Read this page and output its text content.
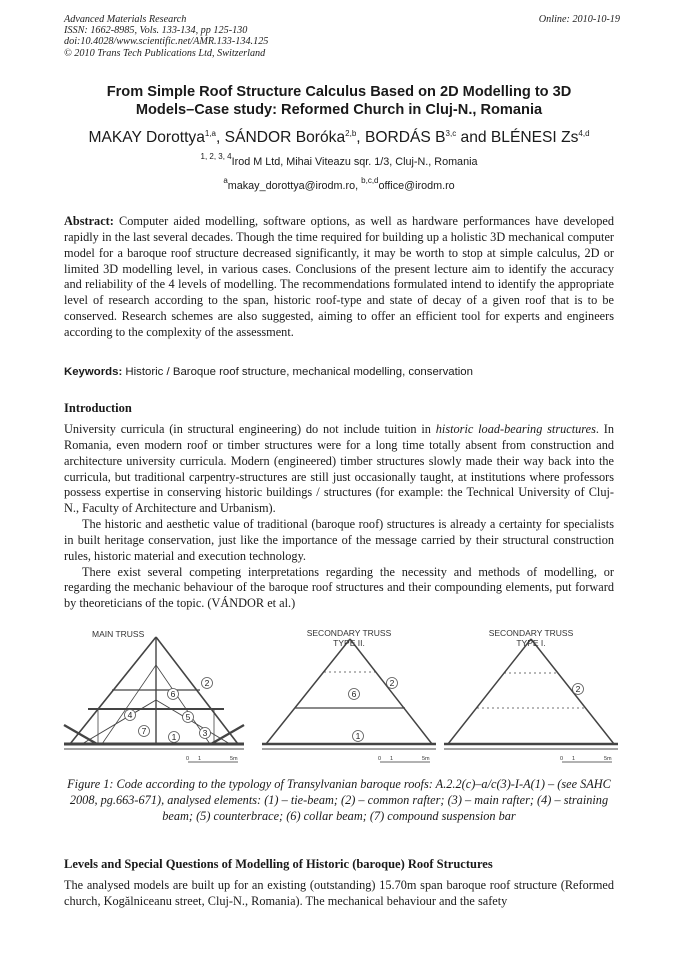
Advanced Materials Research
ISSN: 1662-8985, Vols. 133-134, pp 125-130
doi:10.4028/www.scientific.net/AMR.133-134.125
© 2010 Trans Tech Publications Ltd, Switzerland
Online: 2010-10-19
From Simple Roof Structure Calculus Based on 2D Modelling to 3D
Models–Case study: Reformed Church in Cluj-N., Romania
MAKAY Dorottya$^{1,a}$, SÁNDOR Boróka$^{2,b}$, BORDÁS B$^{3,c}$ and BLÉNESI Zs$^{4,d}$
$^{1, 2, 3, 4}$Irod M Ltd, Mihai Viteazu sqr. 1/3, Cluj-N., Romania
$^a$makay_dorottya@irodm.ro, $^{b,c,d}$office@irodm.ro
Abstract: Computer aided modelling, software options, as well as hardware performances have developed rapidly in the last several decades. Though the time required for building up a holistic 3D mechanical computer model for a baroque roof structure decreased significantly, it may be worth to stop at simple calculus, 2D or limited 3D modelling level, in various cases. Conclusions of the present lecture aim to identify the accuracy and reliability of the 4 levels of modelling. The recommendations formulated intend to identify the appropriate level of research according to the span, historic roof-type and state of decay of a given roof that is to be conserved. Research schemes are also suggested, aiming to offer an efficient tool for experts and engineers according to the complexity of the assessment.
Keywords: Historic / Baroque roof structure, mechanical modelling, conservation
Introduction
University curricula (in structural engineering) do not include tuition in historic load-bearing structures. In Romania, even modern roof or timber structures were for a long time totally absent from construction and architecture university curricula. Modern (engineered) timber structures slowly made their way back into the curricula, but traditional carpentry-structures are still just occasionally taught, at institutions where professors possess expertise in conserving historic buildings / structures (for example: the Technical University of Cluj-N., Faculty of Architecture and Urbanism).
The historic and aesthetic value of traditional (baroque roof) structures is already a certainty for specialists in built heritage conservation, just like the importance of the message carried by their structural construction rules, historic material and execution technology.
There exist several competing interpretations regarding the necessity and methods of modelling, or regarding the mechanic behaviour of the baroque roof structures and their compounding elements, put forward by theoreticians of the topic. (VÁNDOR et al.)
MAIN TRUSS	SECONDARY TRUSS
TYPE II.
SECONDARY TRUSS
TYPE I.
2
6
4	5
7
1	3
2
6
1
2
0 1	5m	0 1	5m	0 1	5m
Figure 1: Code according to the typology of Transylvanian baroque roofs: A.2.2(c)–a/c(3)-I-A(1) – (see SAHC 2008, pg.663-671), analysed elements: (1) – tie-beam; (2) – common rafter; (3) – main rafter; (4) – straining beam; (5) counterbrace; (6) collar beam; (7) compound suspension bar
Levels and Special Questions of Modelling of Historic (baroque) Roof Structures
The analysed models are built up for an existing (outstanding) 15.70m span baroque roof structure (Reformed church, Kogălniceanu street, Cluj-N., Romania). The mechanical behaviour and the safety
